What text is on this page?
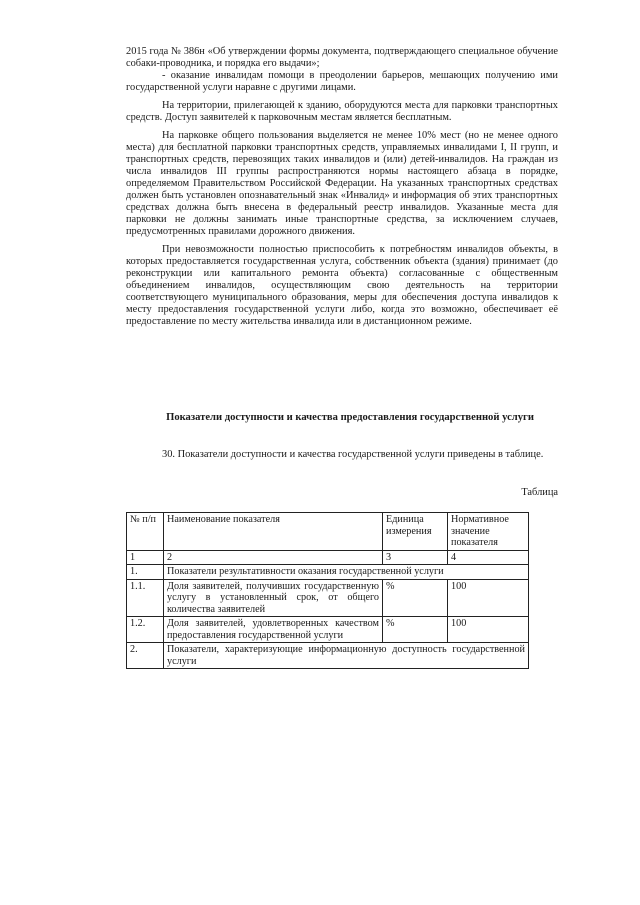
2015 года № 386н «Об утверждении формы документа, подтверждающего специальное обучение собаки-проводника, и порядка его выдачи»;

- оказание инвалидам помощи в преодолении барьеров, мешающих получению ими государственной услуги наравне с другими лицами.

На территории, прилегающей к зданию, оборудуются места для парковки транспортных средств. Доступ заявителей к парковочным местам является бесплатным.

На парковке общего пользования выделяется не менее 10% мест (но не менее одного места) для бесплатной парковки транспортных средств, управляемых инвалидами I, II групп, и транспортных средств, перевозящих таких инвалидов и (или) детей-инвалидов. На граждан из числа инвалидов III группы распространяются нормы настоящего абзаца в порядке, определяемом Правительством Российской Федерации. На указанных транспортных средствах должен быть установлен опознавательный знак «Инвалид» и информация об этих транспортных средствах должна быть внесена в федеральный реестр инвалидов. Указанные места для парковки не должны занимать иные транспортные средства, за исключением случаев, предусмотренных правилами дорожного движения.

При невозможности полностью приспособить к потребностям инвалидов объекты, в которых предоставляется государственная услуга, собственник объекта (здания) принимает (до реконструкции или капитального ремонта объекта) согласованные с общественным объединением инвалидов, осуществляющим свою деятельность на территории соответствующего муниципального образования, меры для обеспечения доступа инвалидов к месту предоставления государственной услуги либо, когда это возможно, обеспечивает её предоставление по месту жительства инвалида или в дистанционном режиме.

Показатели доступности и качества предоставления государственной услуги
30. Показатели доступности и качества государственной услуги приведены в таблице.
Таблица
№ п/п	Наименование показателя	Единица измерения	Нормативное значение показателя
1	2	3	4
1.	Показатели результативности оказания государственной услуги		
1.1.	Доля заявителей, получивших государственную услугу в установленный срок, от общего количества заявителей	%	100
1.2.	Доля заявителей, удовлетворенных качеством предоставления государственной услуги	%	100
2.	Показатели, характеризующие информационную доступность государственной услуги		
